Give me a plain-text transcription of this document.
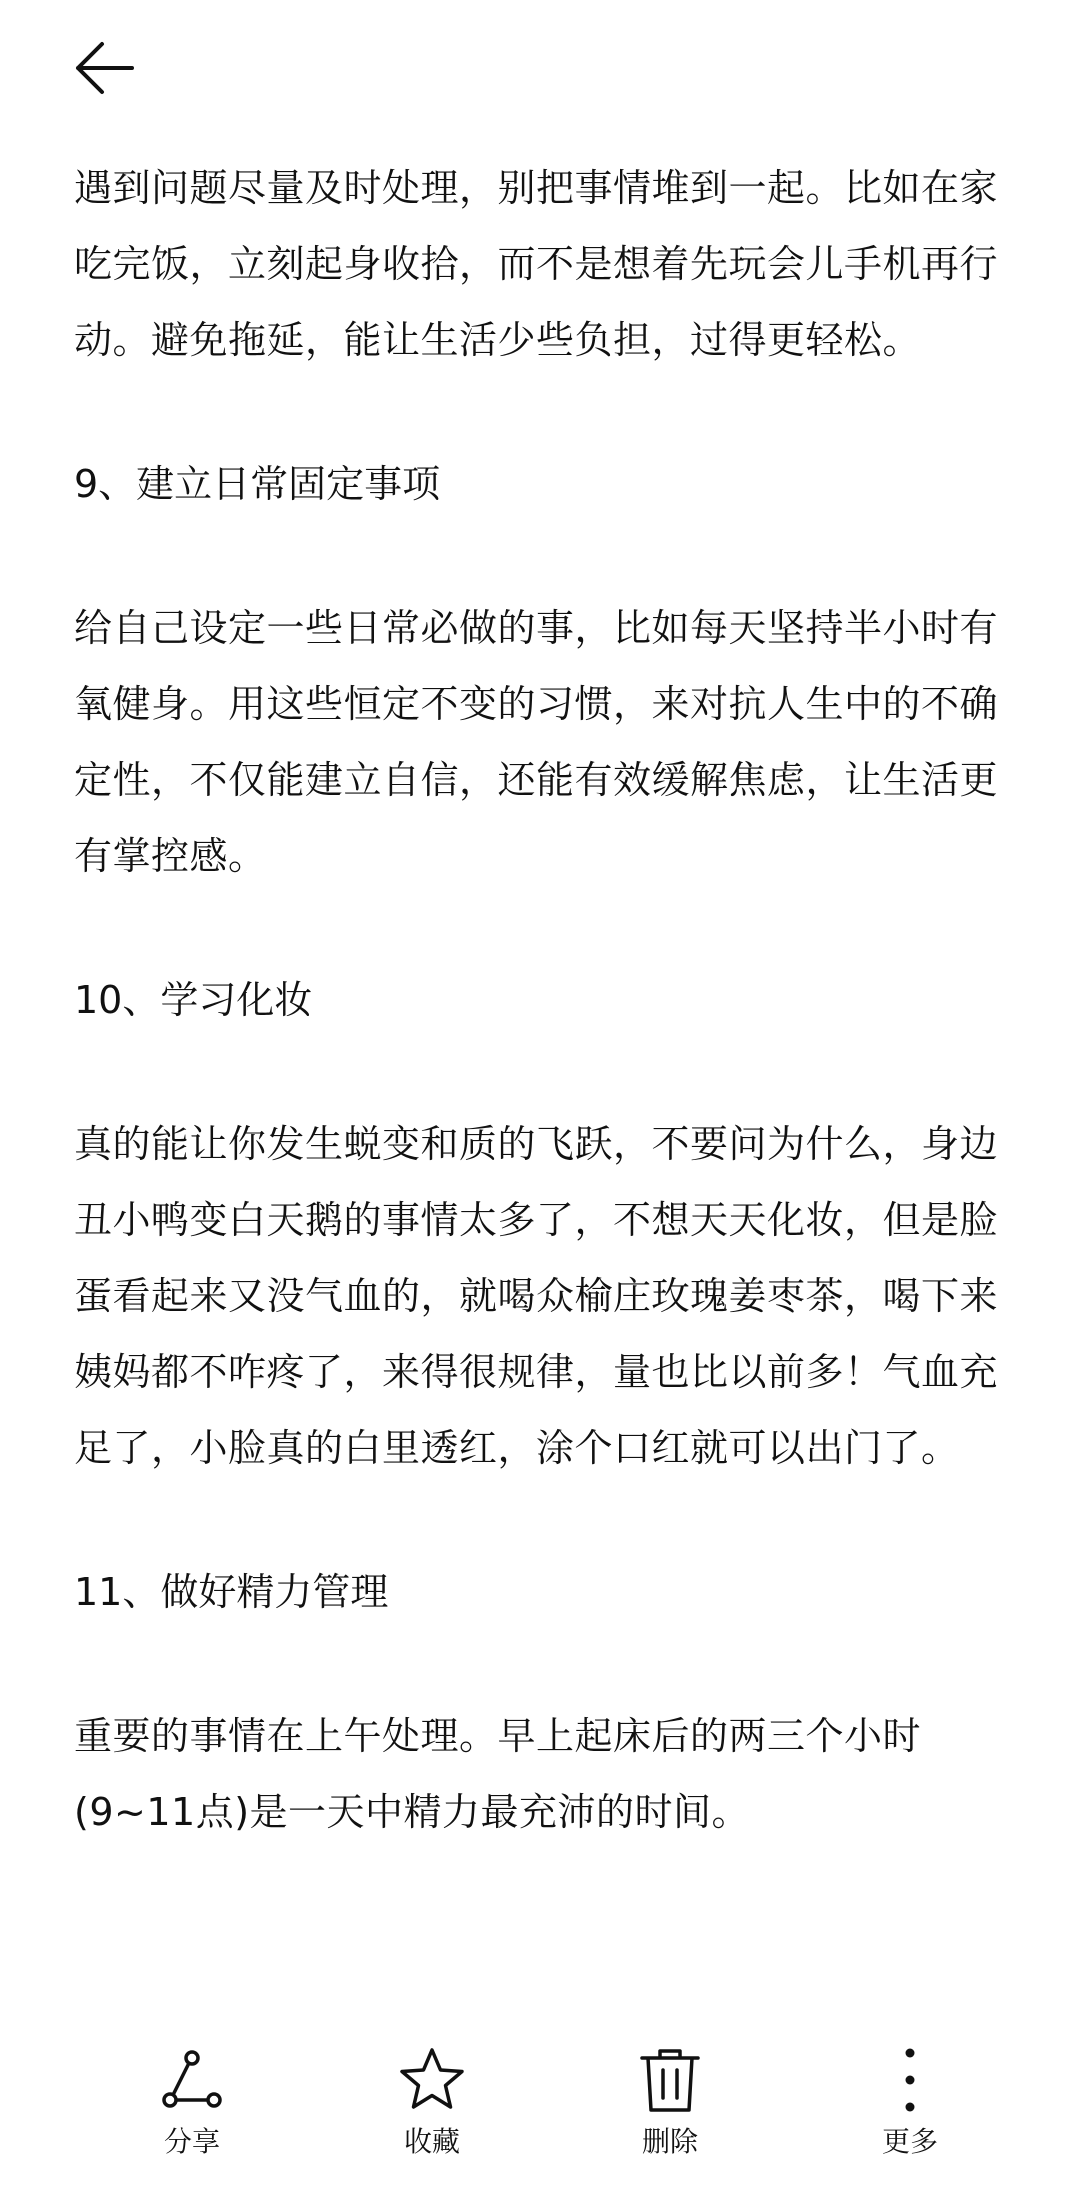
遇到问题尽量及时处理，别把事情堆到一起。比如在家吃完饭，立刻起身收拾，而不是想着先玩会儿手机再行动。避免拖延，能让生活少些负担，过得更轻松。

9、建立日常固定事项

给自己设定一些日常必做的事，比如每天坚持半小时有氧健身。用这些恒定不变的习惯，来对抗人生中的不确定性，不仅能建立自信，还能有效缓解焦虑，让生活更有掌控感。

10、学习化妆

真的能让你发生蜕变和质的飞跃，不要问为什么，身边丑小鸭变白天鹅的事情太多了，不想天天化妆，但是脸蛋看起来又没气血的，就喝众榆庄玫瑰姜枣茶，喝下来姨妈都不咋疼了，来得很规律，量也比以前多！气血充足了，小脸真的白里透红，涂个口红就可以出门了。

11、做好精力管理

重要的事情在上午处理。早上起床后的两三个小时(9~11点)是一天中精力最充沛的时间。

分享	收藏	删除	更多
